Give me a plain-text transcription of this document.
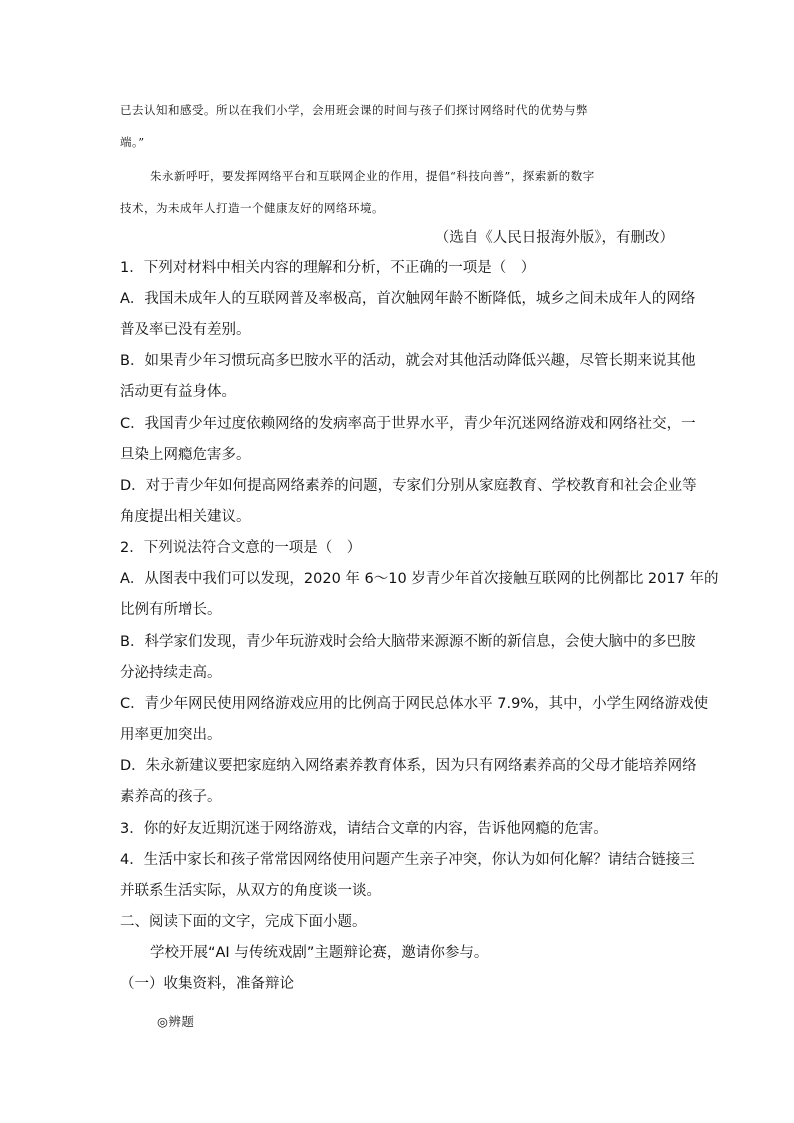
已去认知和感受。所以在我们小学，会用班会课的时间与孩子们探讨网络时代的优势与弊
端。”
朱永新呼吁，要发挥网络平台和互联网企业的作用，提倡“科技向善”，探索新的数字
技术，为未成年人打造一个健康友好的网络环境。
（选自《人民日报海外版》，有删改）
1．下列对材料中相关内容的理解和分析，不正确的一项是（　）
A．我国未成年人的互联网普及率极高，首次触网年龄不断降低，城乡之间未成年人的网络
普及率已没有差别。
B．如果青少年习惯玩高多巴胺水平的活动，就会对其他活动降低兴趣，尽管长期来说其他
活动更有益身体。
C．我国青少年过度依赖网络的发病率高于世界水平，青少年沉迷网络游戏和网络社交，一
旦染上网瘾危害多。
D．对于青少年如何提高网络素养的问题，专家们分别从家庭教育、学校教育和社会企业等
角度提出相关建议。
2．下列说法符合文意的一项是（　）
A．从图表中我们可以发现，2020 年 6～10 岁青少年首次接触互联网的比例都比 2017 年的
比例有所增长。
B．科学家们发现，青少年玩游戏时会给大脑带来源源不断的新信息，会使大脑中的多巴胺
分泌持续走高。
C．青少年网民使用网络游戏应用的比例高于网民总体水平 7.9%，其中，小学生网络游戏使
用率更加突出。
D．朱永新建议要把家庭纳入网络素养教育体系，因为只有网络素养高的父母才能培养网络
素养高的孩子。
3．你的好友近期沉迷于网络游戏，请结合文章的内容，告诉他网瘾的危害。
4．生活中家长和孩子常常因网络使用问题产生亲子冲突，你认为如何化解？请结合链接三
并联系生活实际，从双方的角度谈一谈。
二、阅读下面的文字，完成下面小题。
学校开展“AI 与传统戏剧”主题辩论赛，邀请你参与。
（一）收集资料，准备辩论
◎辨题
